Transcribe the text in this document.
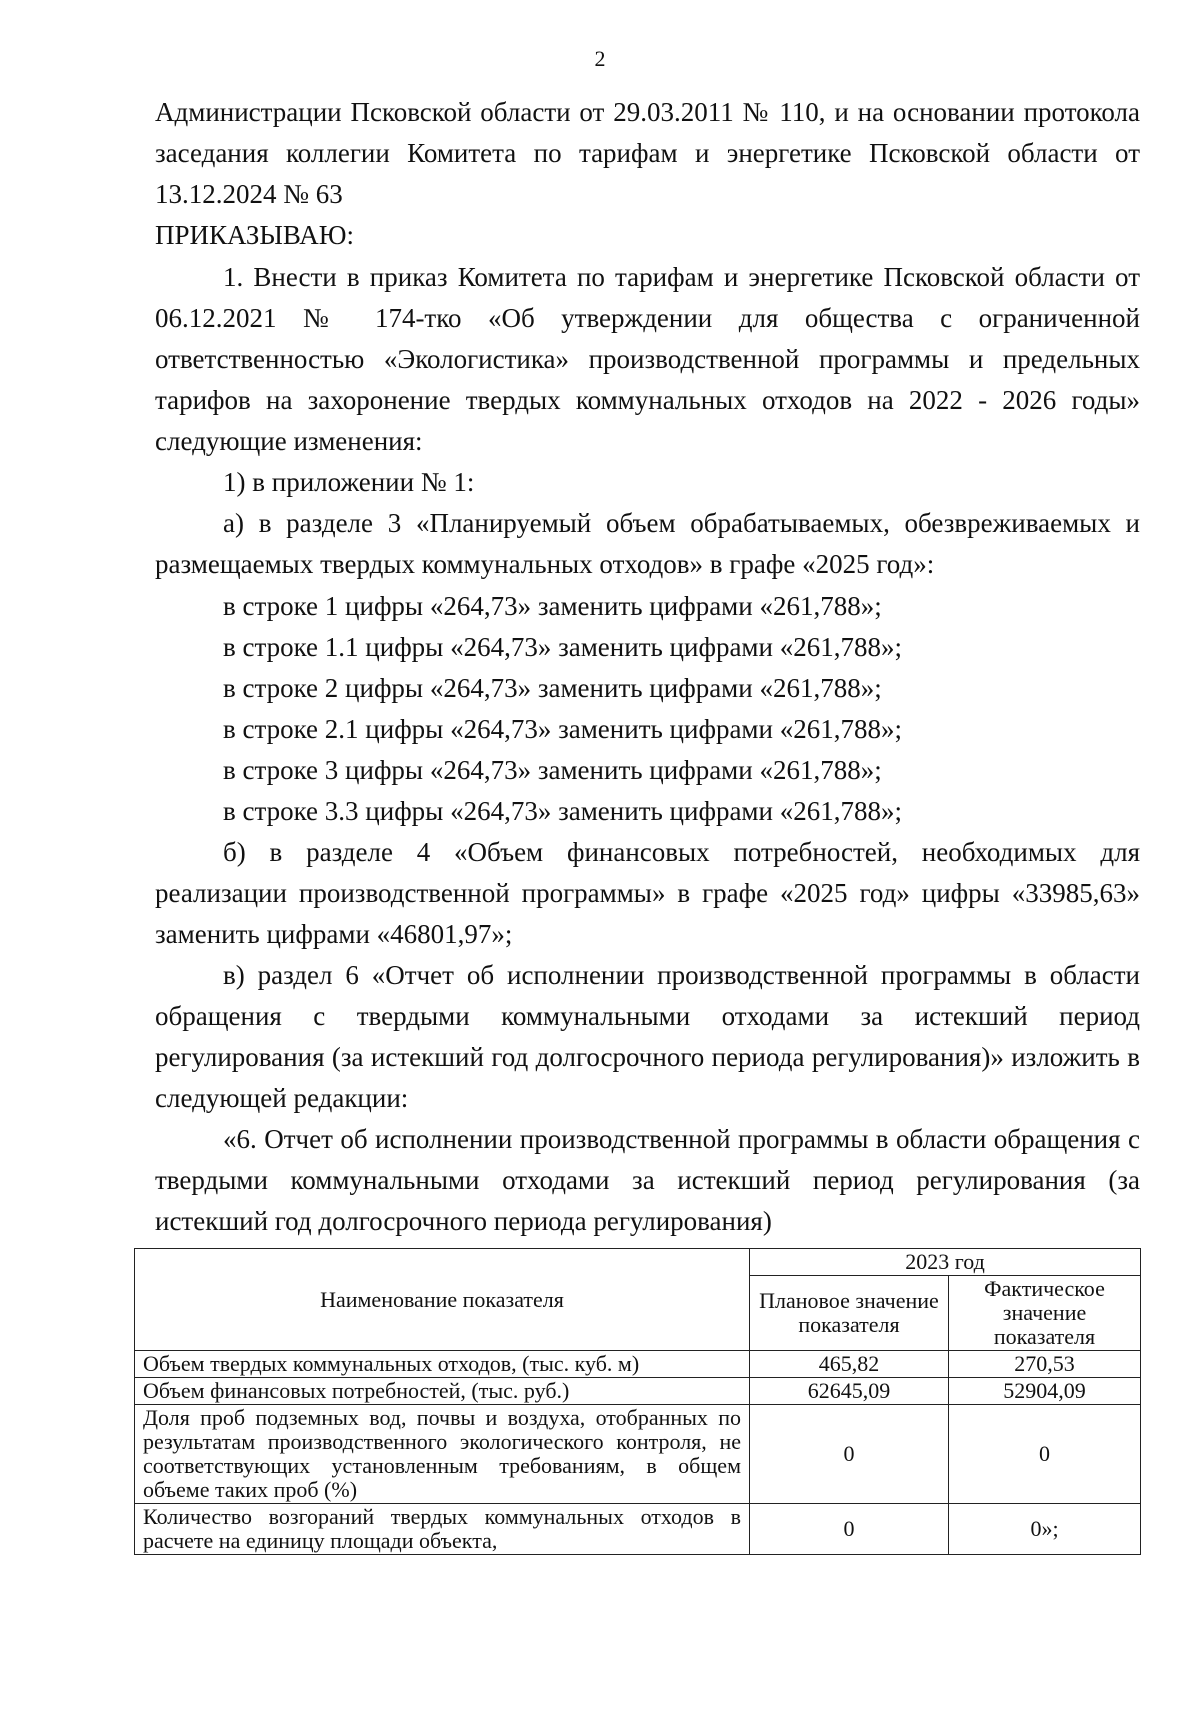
2

Администрации Псковской области от 29.03.2011 № 110, и на основании протокола заседания коллегии Комитета по тарифам и энергетике Псковской области от 13.12.2024 № 63

ПРИКАЗЫВАЮ:

1. Внести в приказ Комитета по тарифам и энергетике Псковской области от 06.12.2021 № 174-тко «Об утверждении для общества с ограниченной ответственностью «Экологистика» производственной программы и предельных тарифов на захоронение твердых коммунальных отходов на 2022 - 2026 годы» следующие изменения:

1) в приложении № 1:

а) в разделе 3 «Планируемый объем обрабатываемых, обезвреживаемых и размещаемых твердых коммунальных отходов» в графе «2025 год»:

в строке 1 цифры «264,73» заменить цифрами «261,788»;
в строке 1.1 цифры «264,73» заменить цифрами «261,788»;
в строке 2 цифры «264,73» заменить цифрами «261,788»;
в строке 2.1 цифры «264,73» заменить цифрами «261,788»;
в строке 3 цифры «264,73» заменить цифрами «261,788»;
в строке 3.3 цифры «264,73» заменить цифрами «261,788»;

б) в разделе 4 «Объем финансовых потребностей, необходимых для реализации производственной программы» в графе «2025 год» цифры «33985,63» заменить цифрами «46801,97»;

в) раздел 6 «Отчет об исполнении производственной программы в области обращения с твердыми коммунальными отходами за истекший период регулирования (за истекший год долгосрочного периода регулирования)» изложить в следующей редакции:

«6. Отчет об исполнении производственной программы в области обращения с твердыми коммунальными отходами за истекший период регулирования (за истекший год долгосрочного периода регулирования)

Наименование показателя	2023 год	
	Плановое значение показателя	Фактическое значение показателя
Объем твердых коммунальных отходов, (тыс. куб. м)	465,82	270,53
Объем финансовых потребностей, (тыс. руб.)	62645,09	52904,09
Доля проб подземных вод, почвы и воздуха, отобранных по результатам производственного экологического контроля, не соответствующих установленным требованиям, в общем объеме таких проб (%)	0	0
Количество возгораний твердых коммунальных отходов в расчете на единицу площади объекта,	0	0»;
